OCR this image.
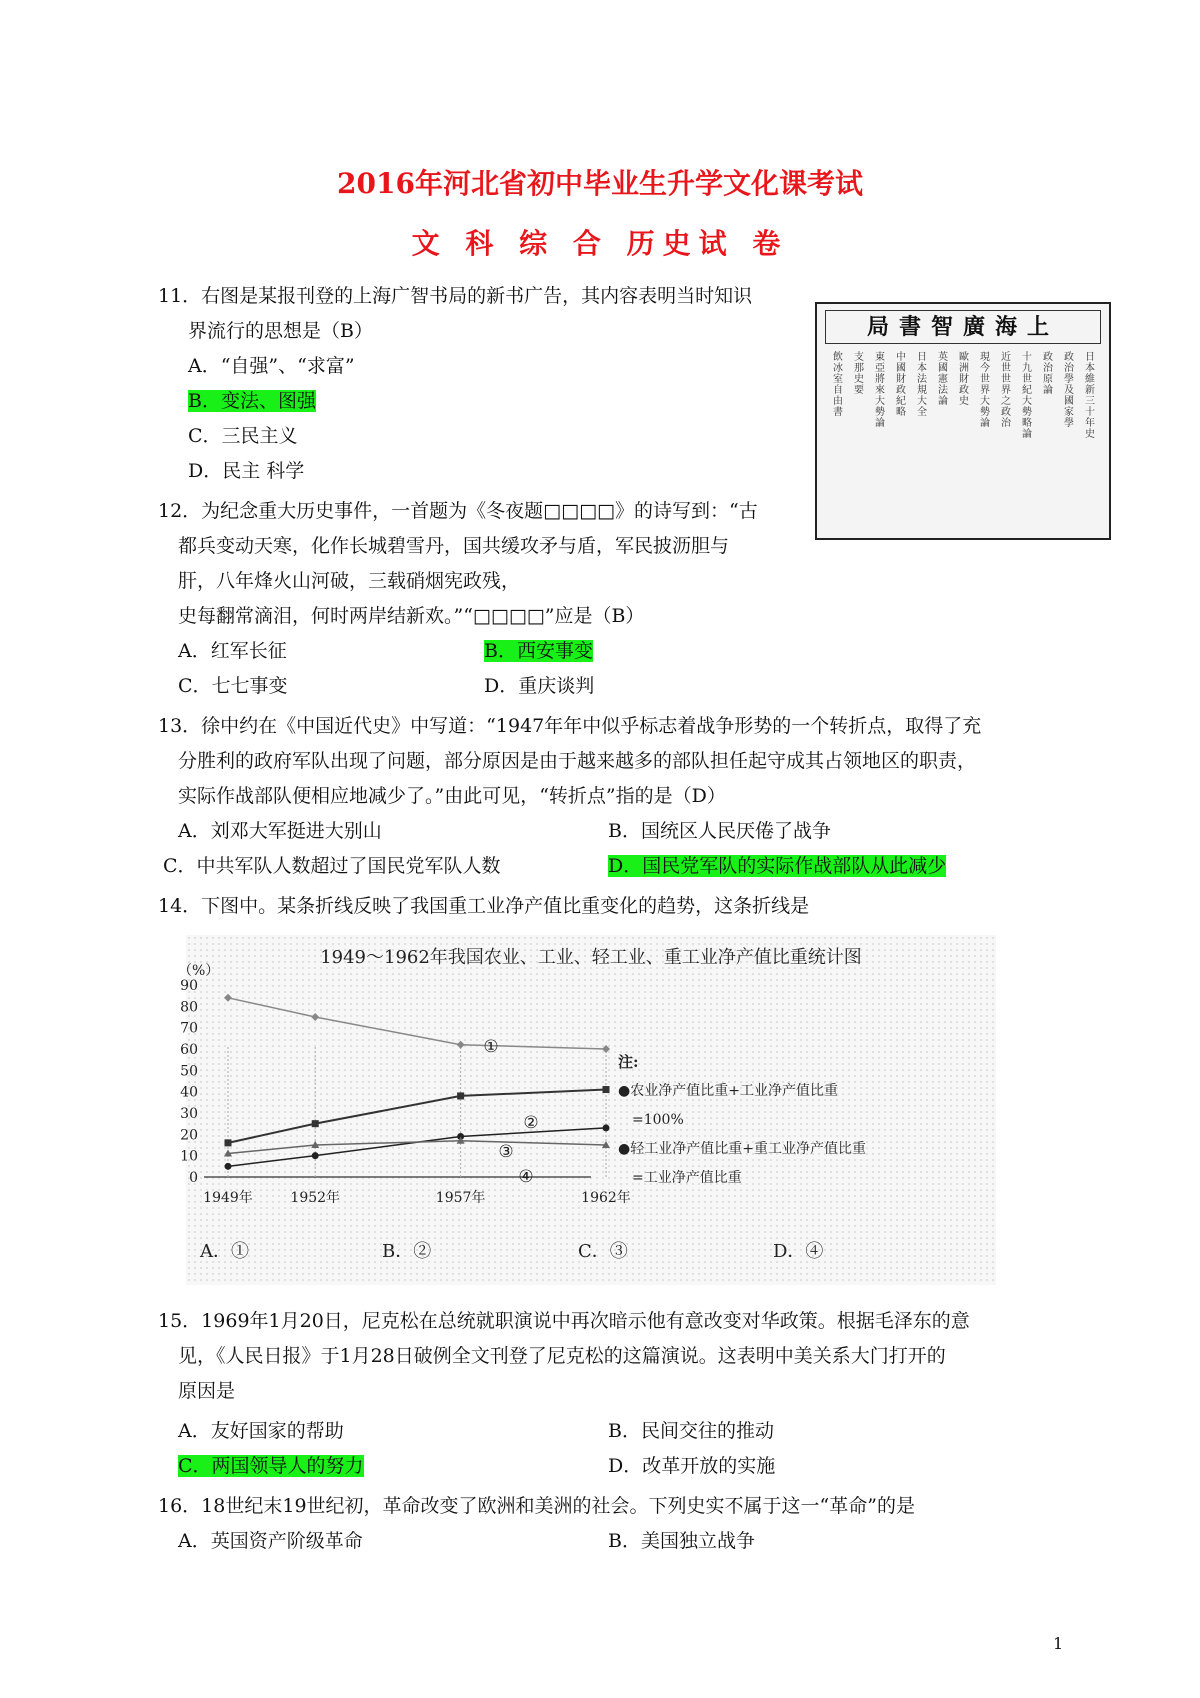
2016年河北省初中毕业生升学文化课考试
文 科 综 合 历史试 卷
11．右图是某报刊登的上海广智书局的新书广告，其内容表明当时知识
界流行的思想是（B）
A．“自强”、“求富”
B．变法、图强
C．三民主义
D．民主 科学
局書智廣海上
日本維新三十年史
政治學及國家學
政治原論
十九世紀大勢略論
近世世界之政治
現今世界大勢論
歐洲財政史
英國憲法論
日本法規大全
中國財政紀略
東亞將來大勢論
支那史要
飲冰室自由書
12．为纪念重大历史事件，一首题为《冬夜题□□□□》的诗写到：“古
都兵变动天寒，化作长城碧雪丹，国共缓攻矛与盾，军民披沥胆与
肝，八年烽火山河破，三载硝烟宪政残，
史每翻常滴泪，何时两岸结新欢。”“□□□□”应是（B）
A．红军长征	B．西安事变
C．七七事变	D．重庆谈判
13．徐中约在《中国近代史》中写道：“1947年年中似乎标志着战争形势的一个转折点，取得了充
分胜利的政府军队出现了问题，部分原因是由于越来越多的部队担任起守成其占领地区的职责，
实际作战部队便相应地减少了。”由此可见，“转折点”指的是（D）
A．刘邓大军挺进大别山	B．国统区人民厌倦了战争
C．中共军队人数超过了国民党军队人数	D．国民党军队的实际作战部队从此减少
14．下图中。某条折线反映了我国重工业净产值比重变化的趋势，这条折线是
1949～1962年我国农业、工业、轻工业、重工业净产值比重统计图
（%）
0
10
20
30
40
50
60
70
80
90
1949年	1952年	1957年	1962年
①
②
③
④
注:
●农业净产值比重+工业净产值比重
=100%
●轻工业净产值比重+重工业净产值比重
=工业净产值比重
A．①	B．②	C．③	D．④
15．1969年1月20日，尼克松在总统就职演说中再次暗示他有意改变对华政策。根据毛泽东的意
见，《人民日报》于1月28日破例全文刊登了尼克松的这篇演说。这表明中美关系大门打开的
原因是
A．友好国家的帮助	B．民间交往的推动
C．两国领导人的努力	D．改革开放的实施
16．18世纪末19世纪初，革命改变了欧洲和美洲的社会。下列史实不属于这一“革命”的是
A．英国资产阶级革命	B．美国独立战争
1
